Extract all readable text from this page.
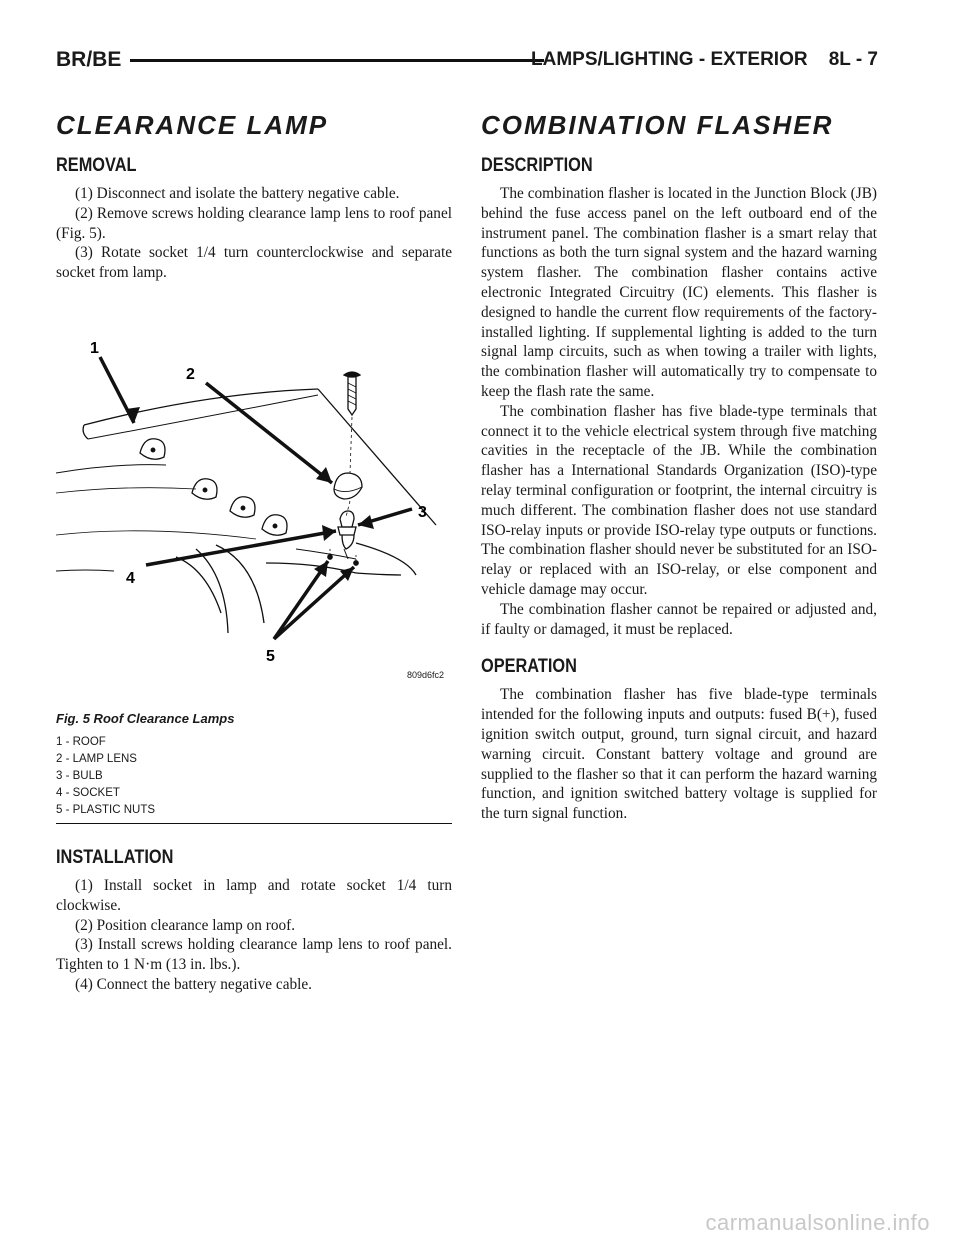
BR/BE	LAMPS/LIGHTING - EXTERIOR    8L - 7
CLEARANCE LAMP
REMOVAL

(1) Disconnect and isolate the battery negative cable.

(2) Remove screws holding clearance lamp lens to roof panel (Fig. 5).

(3) Rotate socket 1/4 turn counterclockwise and separate socket from lamp.

1
2
3
4
5
809d6fc2
Fig. 5 Roof Clearance Lamps
1 - ROOF
2 - LAMP LENS
3 - BULB
4 - SOCKET
5 - PLASTIC NUTS
INSTALLATION

(1) Install socket in lamp and rotate socket 1/4 turn clockwise.

(2) Position clearance lamp on roof.

(3) Install screws holding clearance lamp lens to roof panel. Tighten to 1 N·m (13 in. lbs.).

(4) Connect the battery negative cable.

COMBINATION FLASHER
DESCRIPTION

The combination flasher is located in the Junction Block (JB) behind the fuse access panel on the left outboard end of the instrument panel. The combination flasher is a smart relay that functions as both the turn signal system and the hazard warning system flasher. The combination flasher contains active electronic Integrated Circuitry (IC) elements. This flasher is designed to handle the current flow requirements of the factory-installed lighting. If supplemental lighting is added to the turn signal lamp circuits, such as when towing a trailer with lights, the combination flasher will automatically try to compensate to keep the flash rate the same.

The combination flasher has five blade-type terminals that connect it to the vehicle electrical system through five matching cavities in the receptacle of the JB. While the combination flasher has a International Standards Organization (ISO)-type relay terminal configuration or footprint, the internal circuitry is much different. The combination flasher does not use standard ISO-relay inputs or provide ISO-relay type outputs or functions. The combination flasher should never be substituted for an ISO-relay or replaced with an ISO-relay, or else component and vehicle damage may occur.

The combination flasher cannot be repaired or adjusted and, if faulty or damaged, it must be replaced.

OPERATION

The combination flasher has five blade-type terminals intended for the following inputs and outputs: fused B(+), fused ignition switch output, ground, turn signal circuit, and hazard warning circuit. Constant battery voltage and ground are supplied to the flasher so that it can perform the hazard warning function, and ignition switched battery voltage is supplied for the turn signal function.

carmanualsonline.info
